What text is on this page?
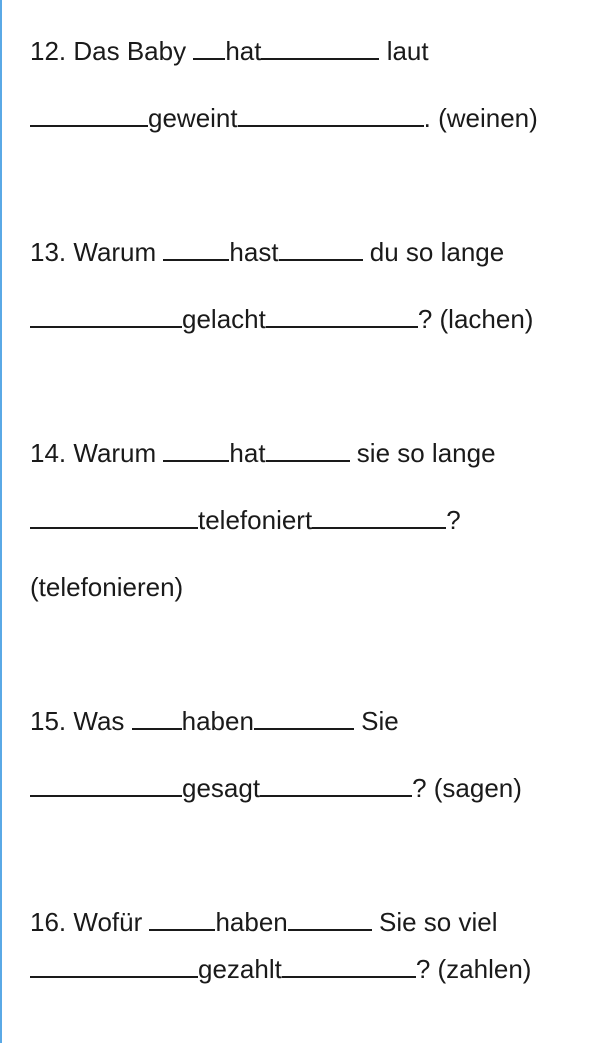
12. Das Baby hat	laut
geweint	. (weinen)
13. Warum	hast	du so lange
gelacht	? (lachen)
14. Warum	hat	sie so lange
telefoniert	?
(telefonieren)
15. Was haben	Sie
gesagt	? (sagen)
16. Wofür	haben	Sie so viel
gezahlt	? (zahlen)
